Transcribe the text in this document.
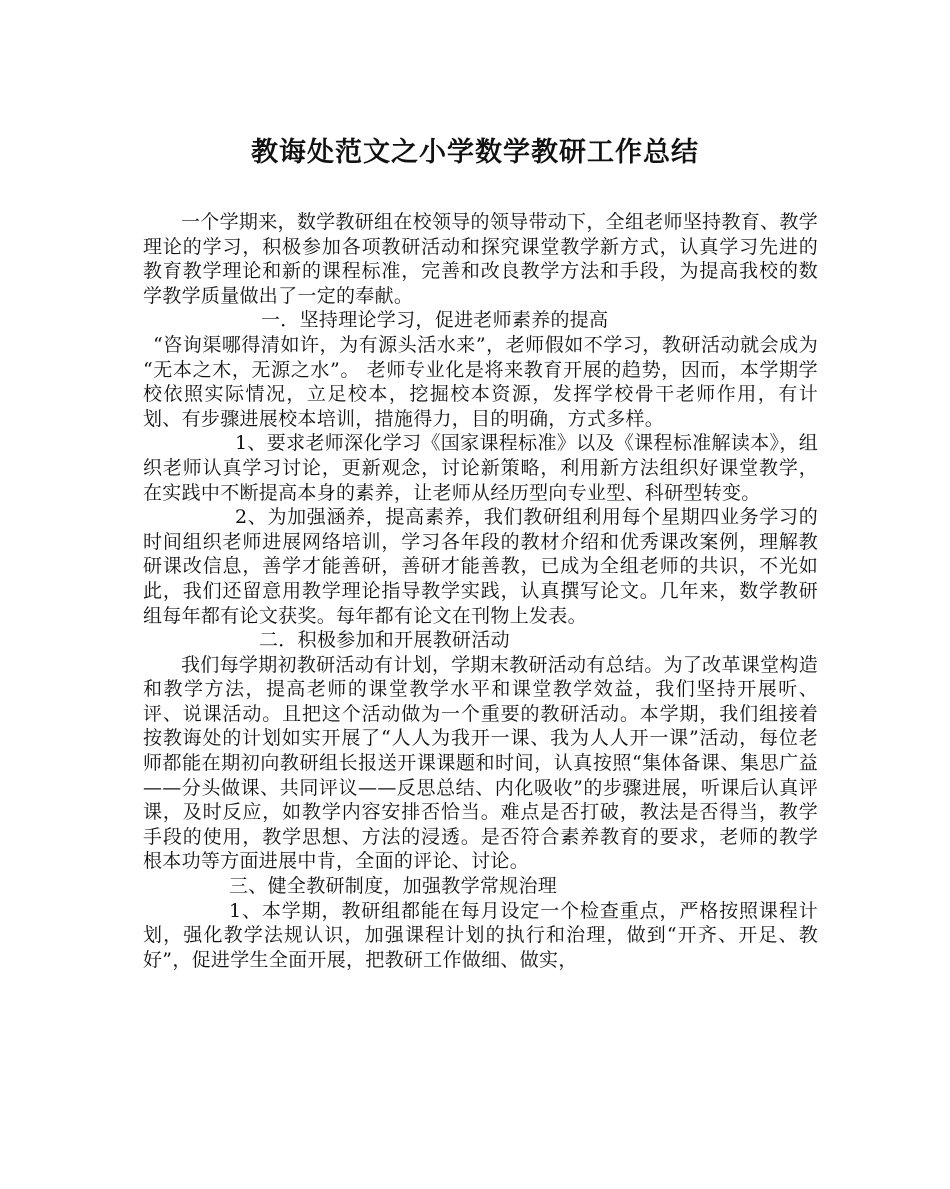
教诲处范文之小学数学教研工作总结

一个学期来，数学教研组在校领导的领导带动下，全组老师坚持教育、教学理论的学习，积极参加各项教研活动和探究课堂教学新方式，认真学习先进的教育教学理论和新的课程标准，完善和改良教学方法和手段，为提高我校的数学教学质量做出了一定的奉献。

一．坚持理论学习，促进老师素养的提高

“咨询渠哪得清如许，为有源头活水来”，老师假如不学习，教研活动就会成为 “无本之木，无源之水”。 老师专业化是将来教育开展的趋势，因而，本学期学校依照实际情况，立足校本，挖掘校本资源，发挥学校骨干老师作用，有计划、有步骤进展校本培训，措施得力，目的明确，方式多样。

1、要求老师深化学习《国家课程标准》以及《课程标准解读本》，组织老师认真学习讨论，更新观念，讨论新策略，利用新方法组织好课堂教学，在实践中不断提高本身的素养，让老师从经历型向专业型、科研型转变。

2、为加强涵养，提高素养，我们教研组利用每个星期四业务学习的时间组织老师进展网络培训，学习各年段的教材介绍和优秀课改案例，理解教研课改信息，善学才能善研，善研才能善教，已成为全组老师的共识，不光如此，我们还留意用教学理论指导教学实践，认真撰写论文。几年来，数学教研组每年都有论文获奖。每年都有论文在刊物上发表。

二．积极参加和开展教研活动

我们每学期初教研活动有计划，学期末教研活动有总结。为了改革课堂构造和教学方法，提高老师的课堂教学水平和课堂教学效益，我们坚持开展听、评、说课活动。且把这个活动做为一个重要的教研活动。本学期，我们组接着按教诲处的计划如实开展了“人人为我开一课、我为人人开一课”活动，每位老师都能在期初向教研组长报送开课课题和时间，认真按照“集体备课、集思广益——分头做课、共同评议——反思总结、内化吸收”的步骤进展，听课后认真评课，及时反应，如教学内容安排否恰当。难点是否打破，教法是否得当，教学手段的使用，教学思想、方法的浸透。是否符合素养教育的要求，老师的教学根本功等方面进展中肯，全面的评论、讨论。

三、健全教研制度，加强教学常规治理

1、本学期，教研组都能在每月设定一个检查重点，严格按照课程计划，强化教学法规认识，加强课程计划的执行和治理，做到“开齐、开足、教好”，促进学生全面开展，把教研工作做细、做实，
